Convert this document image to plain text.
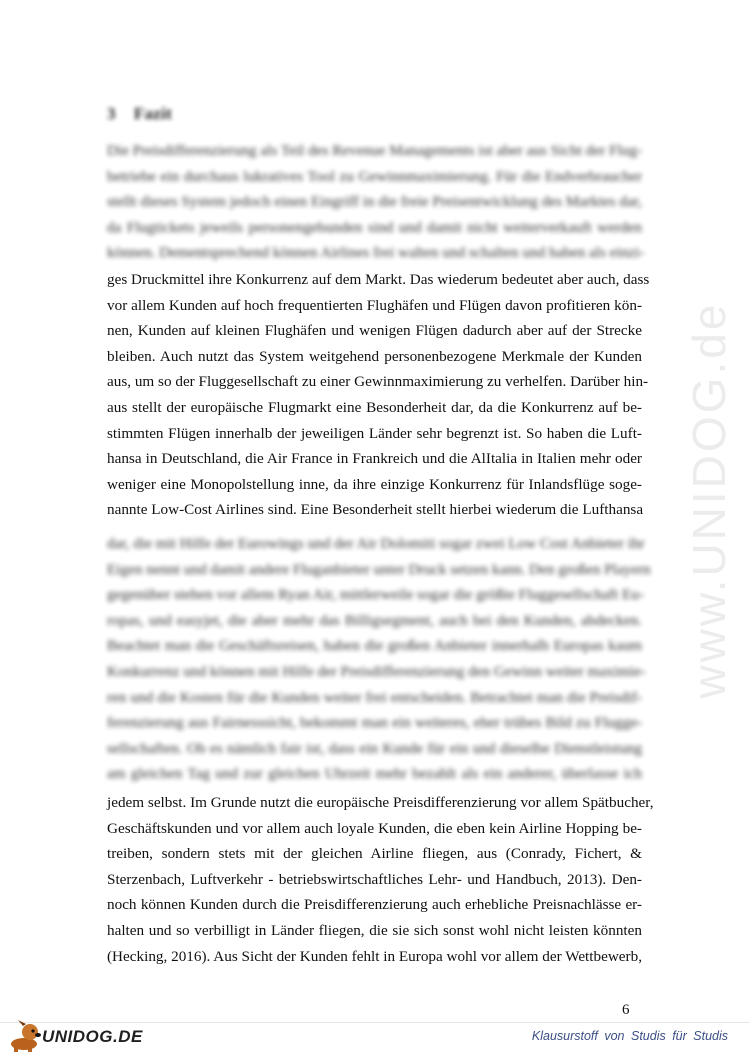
www.UNIDOG.de
3 Fazit
Die Preisdifferenzierung als Teil des Revenue Managements ist aber aus Sicht der Flug-
betriebe ein durchaus lukratives Tool zu Gewinnmaximierung. Für die Endverbraucher
stellt dieses System jedoch einen Eingriff in die freie Preisentwicklung des Marktes dar,
da Flugtickets jeweils personengebunden sind und damit nicht weiterverkauft werden
können. Dementsprechend können Airlines frei walten und schalten und haben als einzi-
ges Druckmittel ihre Konkurrenz auf dem Markt. Das wiederum bedeutet aber auch, dass
vor allem Kunden auf hoch frequentierten Flughäfen und Flügen davon profitieren kön-
nen, Kunden auf kleinen Flughäfen und wenigen Flügen dadurch aber auf der Strecke
bleiben. Auch nutzt das System weitgehend personenbezogene Merkmale der Kunden
aus, um so der Fluggesellschaft zu einer Gewinnmaximierung zu verhelfen. Darüber hin-
aus stellt der europäische Flugmarkt eine Besonderheit dar, da die Konkurrenz auf be-
stimmten Flügen innerhalb der jeweiligen Länder sehr begrenzt ist. So haben die Luft-
hansa in Deutschland, die Air France in Frankreich und die AlItalia in Italien mehr oder
weniger eine Monopolstellung inne, da ihre einzige Konkurrenz für Inlandsflüge soge-
nannte Low-Cost Airlines sind. Eine Besonderheit stellt hierbei wiederum die Lufthansa
dar, die mit Hilfe der Eurowings und der Air Dolomiti sogar zwei Low Cost Anbieter ihr
Eigen nennt und damit andere Fluganbieter unter Druck setzen kann. Den großen Playern
gegenüber stehen vor allem Ryan Air, mittlerweile sogar die größte Fluggesellschaft Eu-
ropas, und easyjet, die aber mehr das Billigsegment, auch bei den Kunden, abdecken.
Beachtet man die Geschäftsreisen, haben die großen Anbieter innerhalb Europas kaum
Konkurrenz und können mit Hilfe der Preisdifferenzierung den Gewinn weiter maximie-
ren und die Kosten für die Kunden weiter frei entscheiden. Betrachtet man die Preisdif-
ferenzierung aus Fairnesssicht, bekommt man ein weiteres, eher trübes Bild zu Flugge-
sellschaften. Ob es nämlich fair ist, dass ein Kunde für ein und dieselbe Dienstleistung
am gleichen Tag und zur gleichen Uhrzeit mehr bezahlt als ein anderer, überlasse ich
jedem selbst. Im Grunde nutzt die europäische Preisdifferenzierung vor allem Spätbucher,
Geschäftskunden und vor allem auch loyale Kunden, die eben kein Airline Hopping be-
treiben, sondern stets mit der gleichen Airline fliegen, aus (Conrady, Fichert, &
Sterzenbach, Luftverkehr - betriebswirtschaftliches Lehr- und Handbuch, 2013). Den-
noch können Kunden durch die Preisdifferenzierung auch erhebliche Preisnachlässe er-
halten und so verbilligt in Länder fliegen, die sie sich sonst wohl nicht leisten könnten
(Hecking, 2016). Aus Sicht der Kunden fehlt in Europa wohl vor allem der Wettbewerb,
6
UNIDOG.DE	Klausurstoff von Studis für Studis
